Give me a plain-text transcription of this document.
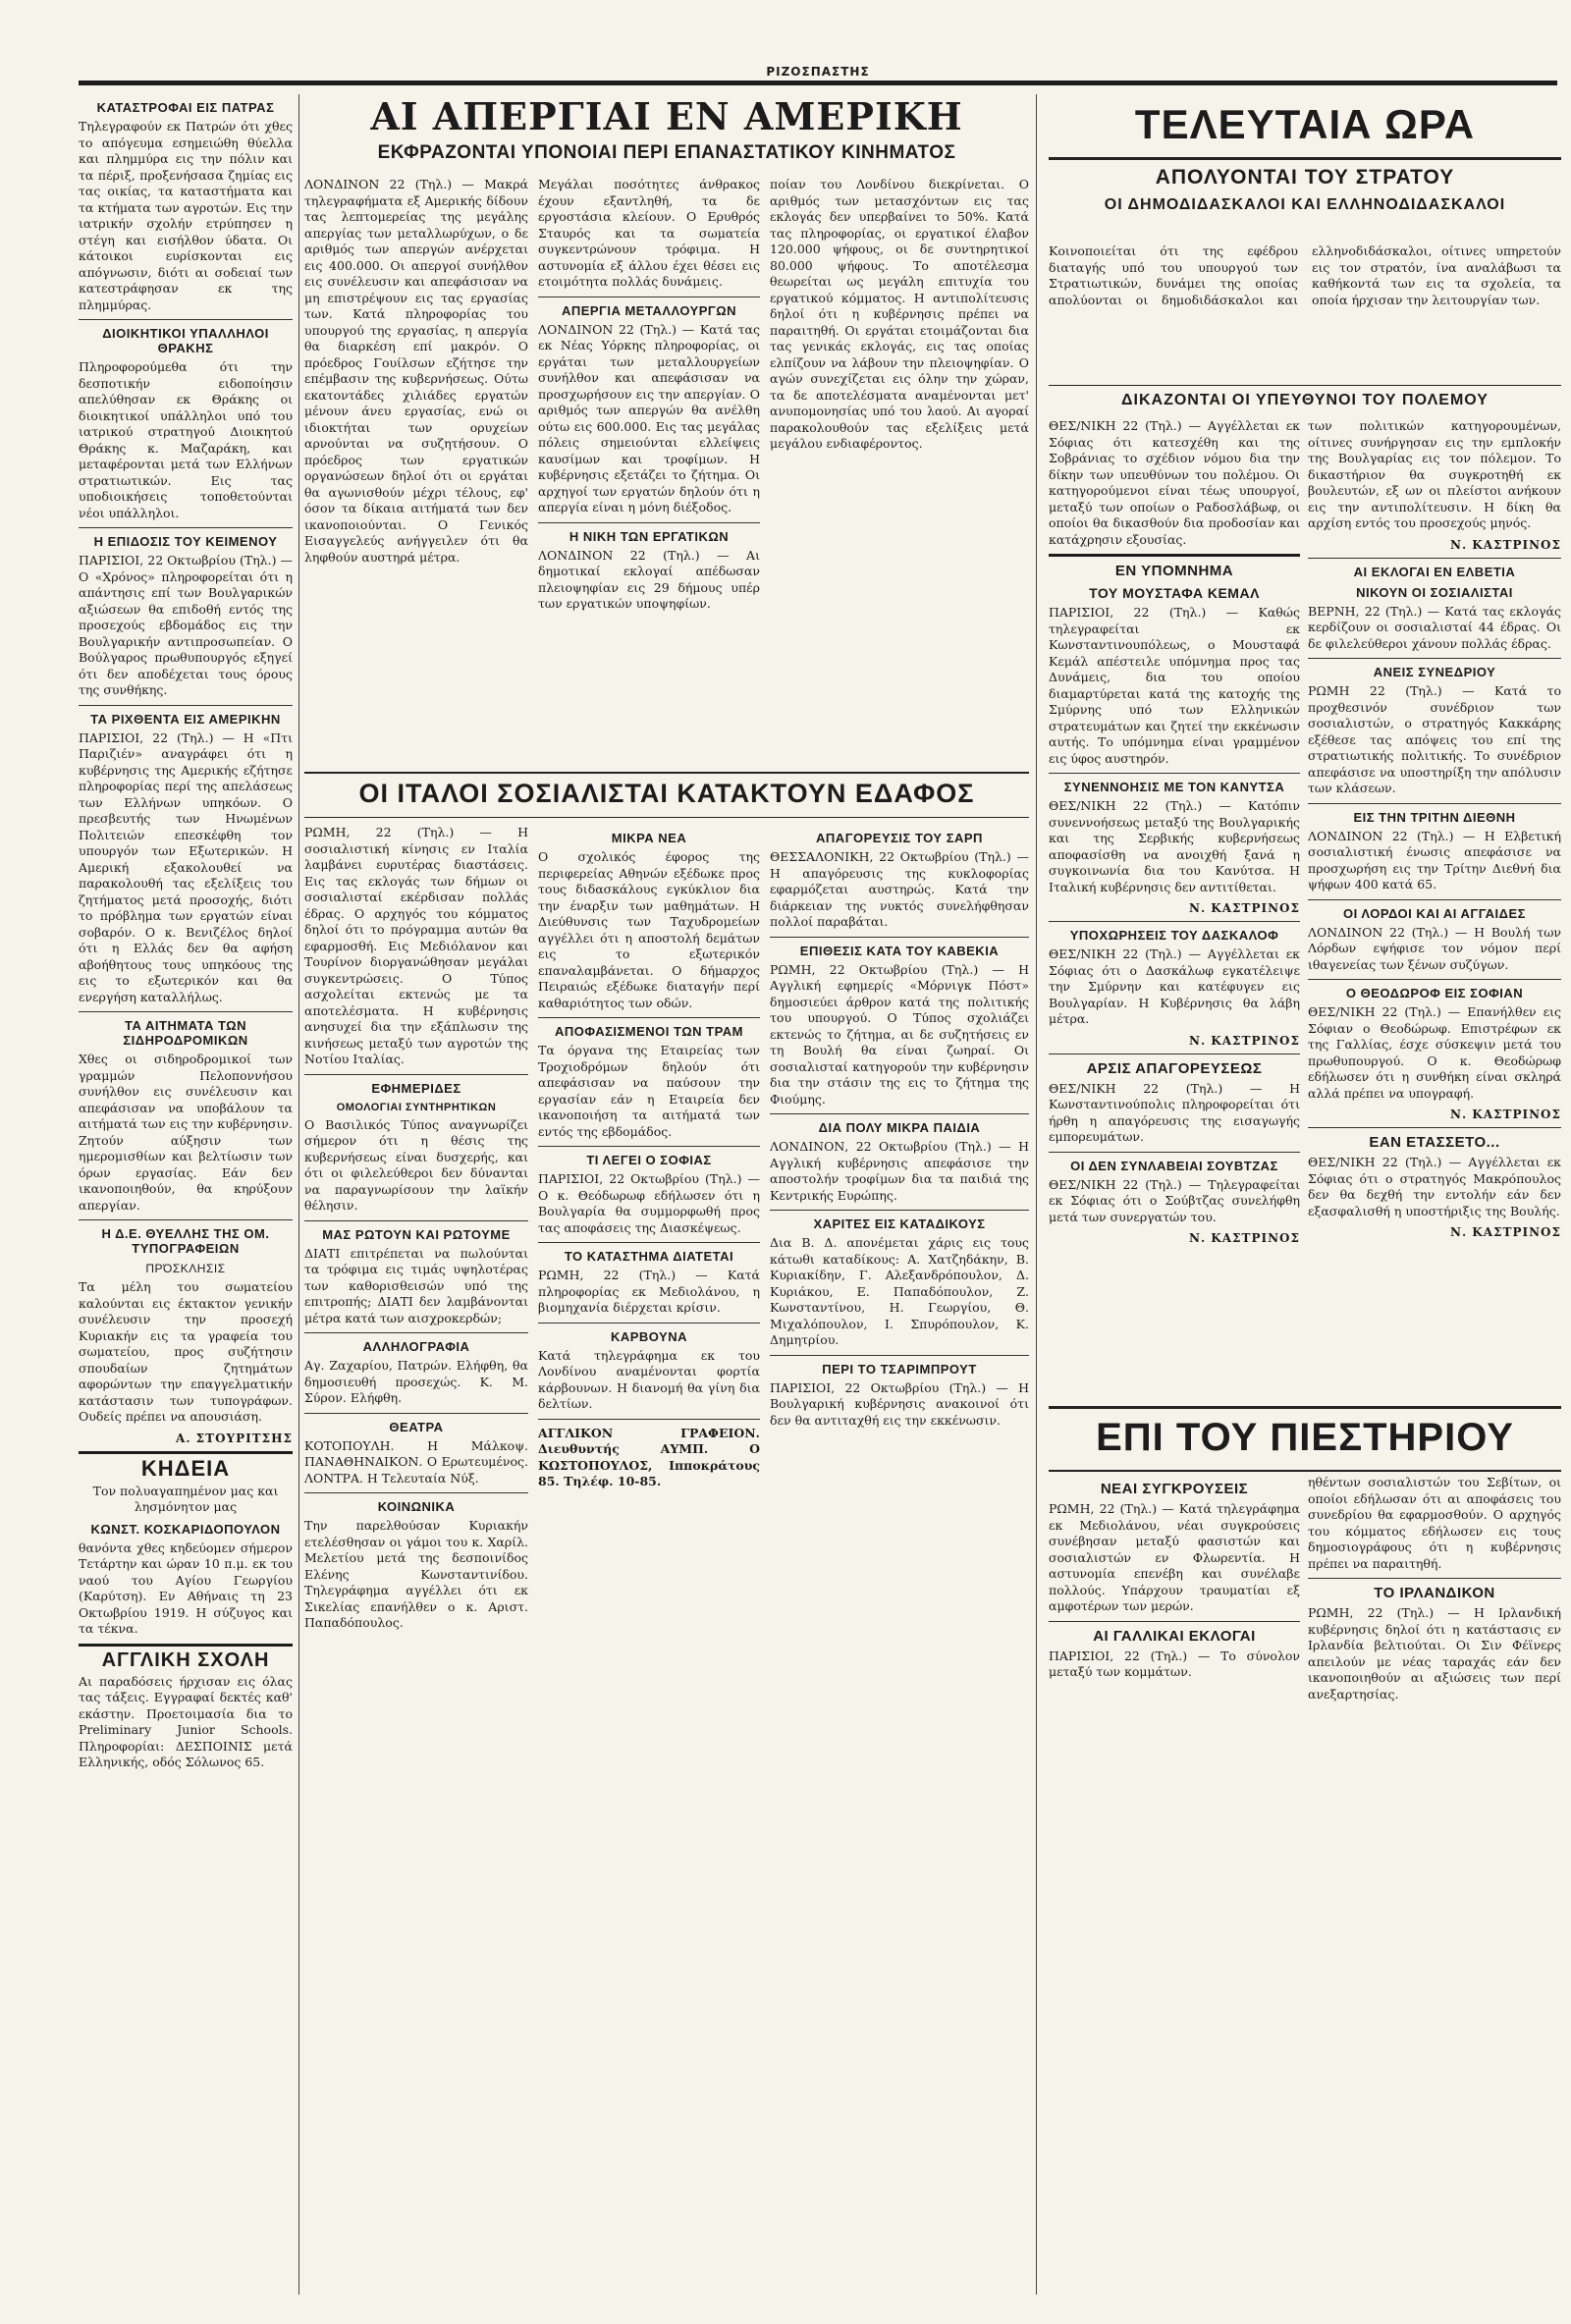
ΡΙΖΟΣΠΑΣΤΗΣ
ΚΑΤΑΣΤΡΟΦΑΙ ΕΙΣ ΠΑΤΡΑΣ

Τηλεγραφούν εκ Πατρών ότι χθες το απόγευμα εσημειώθη θύελλα και πλημμύρα εις την πόλιν και τα πέριξ, προξενήσασα ζημίας εις τας οικίας, τα καταστήματα και τα κτήματα των αγροτών. Εις την ιατρικήν σχολήν ετρύπησεν η στέγη και εισήλθον ύδατα. Οι κάτοικοι ευρίσκονται εις απόγνωσιν, διότι αι σοδειαί των κατεστράφησαν εκ της πλημμύρας.

ΔΙΟΙΚΗΤΙΚΟΙ ΥΠΑΛΛΗΛΟΙ ΘΡΑΚΗΣ

Πληροφορούμεθα ότι την δεσποτικήν ειδοποίησιν απελύθησαν εκ Θράκης οι διοικητικοί υπάλληλοι υπό του ιατρικού στρατηγού Διοικητού Θράκης κ. Μαζαράκη, και μεταφέρονται μετά των Ελλήνων στρατιωτικών. Εις τας υποδιοικήσεις τοποθετούνται νέοι υπάλληλοι.

Η ΕΠΙΔΟΣΙΣ ΤΟΥ ΚΕΙΜΕΝΟΥ

ΠΑΡΙΣΙΟΙ, 22 Οκτωβρίου (Τηλ.) — Ο «Χρόνος» πληροφορείται ότι η απάντησις επί των Βουλγαρικών αξιώσεων θα επιδοθή εντός της προσεχούς εβδομάδος εις την Βουλγαρικήν αντιπροσωπείαν. Ο Βούλγαρος πρωθυπουργός εξηγεί ότι δεν αποδέχεται τους όρους της συνθήκης.

ΤΑ ΡΙΧΘΕΝΤΑ ΕΙΣ ΑΜΕΡΙΚΗΝ

ΠΑΡΙΣΙΟΙ, 22 (Τηλ.) — Η «Πτι Παριζιέν» αναγράφει ότι η κυβέρνησις της Αμερικής εζήτησε πληροφορίας περί της απελάσεως των Ελλήνων υπηκόων. Ο πρεσβευτής των Ηνωμένων Πολιτειών επεσκέφθη τον υπουργόν των Εξωτερικών. Η Αμερική εξακολουθεί να παρακολουθή τας εξελίξεις του ζητήματος μετά προσοχής, διότι το πρόβλημα των εργατών είναι σοβαρόν. Ο κ. Βενιζέλος δηλοί ότι η Ελλάς δεν θα αφήση αβοήθητους τους υπηκόους της εις το εξωτερικόν και θα ενεργήση καταλλήλως.

ΤΑ ΑΙΤΗΜΑΤΑ ΤΩΝ ΣΙΔΗΡΟΔΡΟΜΙΚΩΝ

Χθες οι σιδηροδρομικοί των γραμμών Πελοποννήσου συνήλθον εις συνέλευσιν και απεφάσισαν να υποβάλουν τα αιτήματά των εις την κυβέρνησιν. Ζητούν αύξησιν των ημερομισθίων και βελτίωσιν των όρων εργασίας. Εάν δεν ικανοποιηθούν, θα κηρύξουν απεργίαν.

Η Δ.Ε. ΘΥΕΛΛΗΣ ΤΗΣ ΟΜ. ΤΥΠΟΓΡΑΦΕΙΩΝ
ΠΡΌΣΚΛΗΣΙΣ

Τα μέλη του σωματείου καλούνται εις έκτακτον γενικήν συνέλευσιν την προσεχή Κυριακήν εις τα γραφεία του σωματείου, προς συζήτησιν σπουδαίων ζητημάτων αφορώντων την επαγγελματικήν κατάστασιν των τυπογράφων. Ουδείς πρέπει να απουσιάση.

Α. ΣΤΟΥΡΙΤΣΗΣ
ΚΗΔΕΙΑ

Τον πολυαγαπημένον μας και λησμόνητον μας

ΚΩΝΣΤ. ΚΟΣΚΑΡΙΔΟΠΟΥΛΟΝ

θανόντα χθες κηδεύομεν σήμερον Τετάρτην και ώραν 10 π.μ. εκ του ναού του Αγίου Γεωργίου (Καρύτση). Εν Αθήναις τη 23 Οκτωβρίου 1919. Η σύζυγος και τα τέκνα.

ΑΓΓΛΙΚΗ ΣΧΟΛΗ

Αι παραδόσεις ήρχισαν εις όλας τας τάξεις. Εγγραφαί δεκτές καθ' εκάστην. Προετοιμασία δια το Preliminary Junior Schools. Πληροφορίαι: ΔΕΣΠΟΙΝΙΣ μετά Ελληνικής, οδός Σόλωνος 65.

ΑΙ ΑΠΕΡΓΙΑΙ ΕΝ ΑΜΕΡΙΚΗ
ΕΚΦΡΑΖΟΝΤΑΙ ΥΠΟΝΟΙΑΙ ΠΕΡΙ ΕΠΑΝΑΣΤΑΤΙΚΟΥ ΚΙΝΗΜΑΤΟΣ

ΛΟΝΔΙΝΟΝ 22 (Τηλ.) — Μακρά τηλεγραφήματα εξ Αμερικής δίδουν τας λεπτομερείας της μεγάλης απεργίας των μεταλλωρύχων, ο δε αριθμός των απεργών ανέρχεται εις 400.000. Οι απεργοί συνήλθον εις συνέλευσιν και απεφάσισαν να μη επιστρέψουν εις τας εργασίας των. Κατά πληροφορίας του υπουργού της εργασίας, η απεργία θα διαρκέση επί μακρόν. Ο πρόεδρος Γουίλσων εζήτησε την επέμβασιν της κυβερνήσεως. Ούτω εκατοντάδες χιλιάδες εργατών μένουν άνευ εργασίας, ενώ οι ιδιοκτήται των ορυχείων αρνούνται να συζητήσουν. Ο πρόεδρος των εργατικών οργανώσεων δηλοί ότι οι εργάται θα αγωνισθούν μέχρι τέλους, εφ' όσον τα δίκαια αιτήματά των δεν ικανοποιούνται. Ο Γενικός Εισαγγελεύς ανήγγειλεν ότι θα ληφθούν αυστηρά μέτρα.

Μεγάλαι ποσότητες άνθρακος έχουν εξαντληθή, τα δε εργοστάσια κλείουν. Ο Ερυθρός Σταυρός και τα σωματεία συγκεντρώνουν τρόφιμα. Η αστυνομία εξ άλλου έχει θέσει εις ετοιμότητα πολλάς δυνάμεις.

ΑΠΕΡΓΙΑ ΜΕΤΑΛΛΟΥΡΓΩΝ

ΛΟΝΔΙΝΟΝ 22 (Τηλ.) — Κατά τας εκ Νέας Υόρκης πληροφορίας, οι εργάται των μεταλλουργείων συνήλθον και απεφάσισαν να προσχωρήσουν εις την απεργίαν. Ο αριθμός των απεργών θα ανέλθη ούτω εις 600.000. Εις τας μεγάλας πόλεις σημειούνται ελλείψεις καυσίμων και τροφίμων. Η κυβέρνησις εξετάζει το ζήτημα. Οι αρχηγοί των εργατών δηλούν ότι η απεργία είναι η μόνη διέξοδος.

Η ΝΙΚΗ ΤΩΝ ΕΡΓΑΤΙΚΩΝ

ΛΟΝΔΙΝΟΝ 22 (Τηλ.) — Αι δημοτικαί εκλογαί απέδωσαν πλειοψηφίαν εις 29 δήμους υπέρ των εργατικών υποψηφίων.

ποίαν του Λονδίνου διεκρίνεται. Ο αριθμός των μετασχόντων εις τας εκλογάς δεν υπερβαίνει το 50%. Κατά τας πληροφορίας, οι εργατικοί έλαβον 120.000 ψήφους, οι δε συντηρητικοί 80.000 ψήφους. Το αποτέλεσμα θεωρείται ως μεγάλη επιτυχία του εργατικού κόμματος. Η αντιπολίτευσις δηλοί ότι η κυβέρνησις πρέπει να παραιτηθή. Οι εργάται ετοιμάζονται δια τας γενικάς εκλογάς, εις τας οποίας ελπίζουν να λάβουν την πλειοψηφίαν. Ο αγών συνεχίζεται εις όλην την χώραν, τα δε αποτελέσματα αναμένονται μετ' ανυπομονησίας υπό του λαού. Αι αγοραί παρακολουθούν τας εξελίξεις μετά μεγάλου ενδιαφέροντος.

ΟΙ ΙΤΑΛΟΙ ΣΟΣΙΑΛΙΣΤΑΙ ΚΑΤΑΚΤΟΥΝ ΕΔΑΦΟΣ

ΡΩΜΗ, 22 (Τηλ.) — Η σοσιαλιστική κίνησις εν Ιταλία λαμβάνει ευρυτέρας διαστάσεις. Εις τας εκλογάς των δήμων οι σοσιαλισταί εκέρδισαν πολλάς έδρας. Ο αρχηγός του κόμματος δηλοί ότι το πρόγραμμα αυτών θα εφαρμοσθή. Εις Μεδιόλανον και Τουρίνον διοργανώθησαν μεγάλαι συγκεντρώσεις. Ο Τύπος ασχολείται εκτενώς με τα αποτελέσματα. Η κυβέρνησις ανησυχεί δια την εξάπλωσιν της κινήσεως μεταξύ των αγροτών της Νοτίου Ιταλίας.

ΕΦΗΜΕΡΙΔΕΣ
ΟΜΟΛΟΓΙΑΙ ΣΥΝΤΗΡΗΤΙΚΩΝ

Ο Βασιλικός Τύπος αναγνωρίζει σήμερον ότι η θέσις της κυβερνήσεως είναι δυσχερής, και ότι οι φιλελεύθεροι δεν δύνανται να παραγνωρίσουν την λαϊκήν θέλησιν.

ΜΑΣ ΡΩΤΟΥΝ ΚΑΙ ΡΩΤΟΥΜΕ

ΔΙΑΤΙ επιτρέπεται να πωλούνται τα τρόφιμα εις τιμάς υψηλοτέρας των καθορισθεισών υπό της επιτροπής; ΔΙΑΤΙ δεν λαμβάνονται μέτρα κατά των αισχροκερδών;

ΑΛΛΗΛΟΓΡΑΦΙΑ

Αγ. Ζαχαρίου, Πατρών. Ελήφθη, θα δημοσιευθή προσεχώς. Κ. Μ. Σύρον. Ελήφθη.

ΘΕΑΤΡΑ

ΚΟΤΟΠΟΥΛΗ. Η Μάλκοψ. ΠΑΝΑΘΗΝΑΙΚΟΝ. Ο Ερωτευμένος. ΛΟΝΤΡΑ. Η Τελευταία Νύξ.

ΚΟΙΝΩΝΙΚΑ

Την παρελθούσαν Κυριακήν ετελέσθησαν οι γάμοι του κ. Χαρίλ. Μελετίου μετά της δεσποινίδος Ελένης Κωνσταντινίδου. Τηλεγράφημα αγγέλλει ότι εκ Σικελίας επανήλθεν ο κ. Αριστ. Παπαδόπουλος.

ΜΙΚΡΑ ΝΕΑ

Ο σχολικός έφορος της περιφερείας Αθηνών εξέδωκε προς τους διδασκάλους εγκύκλιον δια την έναρξιν των μαθημάτων. Η Διεύθυνσις των Ταχυδρομείων αγγέλλει ότι η αποστολή δεμάτων εις το εξωτερικόν επαναλαμβάνεται. Ο δήμαρχος Πειραιώς εξέδωκε διαταγήν περί καθαριότητος των οδών.

ΑΠΟΦΑΣΙΣΜΕΝΟΙ ΤΩΝ ΤΡΑΜ

Τα όργανα της Εταιρείας των Τροχιοδρόμων δηλούν ότι απεφάσισαν να παύσουν την εργασίαν εάν η Εταιρεία δεν ικανοποιήση τα αιτήματά των εντός της εβδομάδος.

ΤΙ ΛΕΓΕΙ Ο ΣΟΦΙΑΣ

ΠΑΡΙΣΙΟΙ, 22 Οκτωβρίου (Τηλ.) — Ο κ. Θεόδωρωφ εδήλωσεν ότι η Βουλγαρία θα συμμορφωθή προς τας αποφάσεις της Διασκέψεως.

ΤΟ ΚΑΤΑΣΤΗΜΑ ΔΙΑΤΕΤΑΙ

ΡΩΜΗ, 22 (Τηλ.) — Κατά πληροφορίας εκ Μεδιολάνου, η βιομηχανία διέρχεται κρίσιν.

ΚΑΡΒΟΥΝΑ

Κατά τηλεγράφημα εκ του Λονδίνου αναμένονται φορτία κάρβουνων. Η διανομή θα γίνη δια δελτίων.

ΑΓΓΛΙΚΟΝ ΓΡΑΦΕΙΟΝ. Διευθυντής ΑΥΜΠ. Ο ΚΩΣΤΟΠΟΥΛΟΣ, Ιπποκράτους 85. Τηλέφ. 10-85.

ΑΠΑΓΟΡΕΥΣΙΣ ΤΟΥ ΣΑΡΠ

ΘΕΣΣΑΛΟΝΙΚΗ, 22 Οκτωβρίου (Τηλ.) — Η απαγόρευσις της κυκλοφορίας εφαρμόζεται αυστηρώς. Κατά την διάρκειαν της νυκτός συνελήφθησαν πολλοί παραβάται.

ΕΠΙΘΕΣΙΣ ΚΑΤΑ ΤΟΥ ΚΑΒΕΚΙΑ

ΡΩΜΗ, 22 Οκτωβρίου (Τηλ.) — Η Αγγλική εφημερίς «Μόρνιγκ Πόστ» δημοσιεύει άρθρον κατά της πολιτικής του υπουργού. Ο Τύπος σχολιάζει εκτενώς το ζήτημα, αι δε συζητήσεις εν τη Βουλή θα είναι ζωηραί. Οι σοσιαλισταί κατηγορούν την κυβέρνησιν δια την στάσιν της εις το ζήτημα της Φιούμης.

ΔΙΑ ΠΟΛΥ ΜΙΚΡΑ ΠΑΙΔΙΑ

ΛΟΝΔΙΝΟΝ, 22 Οκτωβρίου (Τηλ.) — Η Αγγλική κυβέρνησις απεφάσισε την αποστολήν τροφίμων δια τα παιδιά της Κεντρικής Ευρώπης.

ΧΑΡΙΤΕΣ ΕΙΣ ΚΑΤΑΔΙΚΟΥΣ

Δια Β. Δ. απονέμεται χάρις εις τους κάτωθι καταδίκους: Α. Χατζηδάκην, Β. Κυριακίδην, Γ. Αλεξανδρόπουλον, Δ. Κυριάκου, Ε. Παπαδόπουλον, Ζ. Κωνσταντίνου, Η. Γεωργίου, Θ. Μιχαλόπουλον, Ι. Σπυρόπουλον, Κ. Δημητρίου.

ΠΕΡΙ ΤΟ ΤΣΑΡΙΜΠΡΟΥΤ

ΠΑΡΙΣΙΟΙ, 22 Οκτωβρίου (Τηλ.) — Η Βουλγαρική κυβέρνησις ανακοινοί ότι δεν θα αντιταχθή εις την εκκένωσιν.

ΤΕΛΕΥΤΑΙΑ ΩΡΑ
ΑΠΟΛΥΟΝΤΑΙ ΤΟΥ ΣΤΡΑΤΟΥ
ΟΙ ΔΗΜΟΔΙΔΑΣΚΑΛΟΙ ΚΑΙ ΕΛΛΗΝΟΔΙΔΑΣΚΑΛΟΙ

Κοινοποιείται ότι της εφέδρου διαταγής υπό του υπουργού των Στρατιωτικών, δυνάμει της οποίας απολύονται οι δημοδιδάσκαλοι και ελληνοδιδάσκαλοι, οίτινες υπηρετούν εις τον στρατόν, ίνα αναλάβωσι τα καθήκοντά των εις τα σχολεία, τα οποία ήρχισαν την λειτουργίαν των.

ΔΙΚΑΖΟΝΤΑΙ ΟΙ ΥΠΕΥΘΥΝΟΙ ΤΟΥ ΠΟΛΕΜΟΥ

ΘΕΣ/ΝΙΚΗ 22 (Τηλ.) — Αγγέλλεται εκ Σόφιας ότι κατεσχέθη και της Σοβράνιας το σχέδιον νόμου δια την δίκην των υπευθύνων του πολέμου. Οι κατηγορούμενοι είναι τέως υπουργοί, μεταξύ των οποίων ο Ραδοσλάβωφ, οι οποίοι θα δικασθούν δια προδοσίαν και κατάχρησιν εξουσίας.

ΕΝ ΥΠΟΜΝΗΜΑ
ΤΟΥ ΜΟΥΣΤΑΦΑ ΚΕΜΑΛ

ΠΑΡΙΣΙΟΙ, 22 (Τηλ.) — Καθώς τηλεγραφείται εκ Κωνσταντινουπόλεως, ο Μουσταφά Κεμάλ απέστειλε υπόμνημα προς τας Δυνάμεις, δια του οποίου διαμαρτύρεται κατά της κατοχής της Σμύρνης υπό των Ελληνικών στρατευμάτων και ζητεί την εκκένωσιν αυτής. Το υπόμνημα είναι γραμμένον εις ύφος αυστηρόν.

ΣΥΝΕΝΝΟΗΣΙΣ ΜΕ ΤΟΝ ΚΑΝΥΤΣΑ

ΘΕΣ/ΝΙΚΗ 22 (Τηλ.) — Κατόπιν συνεννοήσεως μεταξύ της Βουλγαρικής και της Σερβικής κυβερνήσεως αποφασίσθη να ανοιχθή ξανά η συγκοινωνία δια του Κανύτσα. Η Ιταλική κυβέρνησις δεν αντιτίθεται.

Ν. ΚΑΣΤΡΙΝΟΣ
ΥΠΟΧΩΡΗΣΕΙΣ ΤΟΥ ΔΑΣΚΑΛΟΦ

ΘΕΣ/ΝΙΚΗ 22 (Τηλ.) — Αγγέλλεται εκ Σόφιας ότι ο Δασκάλωφ εγκατέλειψε την Σμύρνην και κατέφυγεν εις Βουλγαρίαν. Η Κυβέρνησις θα λάβη μέτρα.

Ν. ΚΑΣΤΡΙΝΟΣ
ΑΡΣΙΣ ΑΠΑΓΟΡΕΥΣΕΩΣ

ΘΕΣ/ΝΙΚΗ 22 (Τηλ.) — Η Κωνσταντινούπολις πληροφορείται ότι ήρθη η απαγόρευσις της εισαγωγής εμπορευμάτων.

ΟΙ ΔΕΝ ΣΥΝΛΑΒΕΙΑΙ ΣΟΥΒΤΖΑΣ

ΘΕΣ/ΝΙΚΗ 22 (Τηλ.) — Τηλεγραφείται εκ Σόφιας ότι ο Σούβτζας συνελήφθη μετά των συνεργατών του.

Ν. ΚΑΣΤΡΙΝΟΣ

των πολιτικών κατηγορουμένων, οίτινες συνήργησαν εις την εμπλοκήν της Βουλγαρίας εις τον πόλεμον. Το δικαστήριον θα συγκροτηθή εκ βουλευτών, εξ ων οι πλείστοι ανήκουν εις την αντιπολίτευσιν. Η δίκη θα αρχίση εντός του προσεχούς μηνός.

Ν. ΚΑΣΤΡΙΝΟΣ
ΑΙ ΕΚΛΟΓΑΙ ΕΝ ΕΛΒΕΤΙΑ
ΝΙΚΟΥΝ ΟΙ ΣΟΣΙΑΛΙΣΤΑΙ

ΒΕΡΝΗ, 22 (Τηλ.) — Κατά τας εκλογάς κερδίζουν οι σοσιαλισταί 44 έδρας. Οι δε φιλελεύθεροι χάνουν πολλάς έδρας.

ΑΝΕΙΣ ΣΥΝΕΔΡΙΟΥ

ΡΩΜΗ 22 (Τηλ.) — Κατά το προχθεσινόν συνέδριον των σοσιαλιστών, ο στρατηγός Κακκάρης εξέθεσε τας απόψεις του επί της στρατιωτικής πολιτικής. Το συνέδριον απεφάσισε να υποστηρίξη την απόλυσιν των κλάσεων.

ΕΙΣ ΤΗΝ ΤΡΙΤΗΝ ΔΙΕΘΝΗ

ΛΟΝΔΙΝΟΝ 22 (Τηλ.) — Η Ελβετική σοσιαλιστική ένωσις απεφάσισε να προσχωρήση εις την Τρίτην Διεθνή δια ψήφων 400 κατά 65.

ΟΙ ΛΟΡΔΟΙ ΚΑΙ ΑΙ ΑΓΓΑΙΔΕΣ

ΛΟΝΔΙΝΟΝ 22 (Τηλ.) — Η Βουλή των Λόρδων εψήφισε τον νόμον περί ιθαγενείας των ξένων συζύγων.

Ο ΘΕΟΔΩΡΟΦ ΕΙΣ ΣΟΦΙΑΝ

ΘΕΣ/ΝΙΚΗ 22 (Τηλ.) — Επανήλθεν εις Σόφιαν ο Θεοδώρωφ. Επιστρέφων εκ της Γαλλίας, έσχε σύσκεψιν μετά του πρωθυπουργού. Ο κ. Θεοδώρωφ εδήλωσεν ότι η συνθήκη είναι σκληρά αλλά πρέπει να υπογραφή.

Ν. ΚΑΣΤΡΙΝΟΣ
ΕΑΝ ΕΤΑΣΣΕΤΟ...

ΘΕΣ/ΝΙΚΗ 22 (Τηλ.) — Αγγέλλεται εκ Σόφιας ότι ο στρατηγός Μακρόπουλος δεν θα δεχθή την εντολήν εάν δεν εξασφαλισθή η υποστήριξις της Βουλής.

Ν. ΚΑΣΤΡΙΝΟΣ
ΕΠΙ ΤΟΥ ΠΙΕΣΤΗΡΙΟΥ
ΝΕΑΙ ΣΥΓΚΡΟΥΣΕΙΣ

ΡΩΜΗ, 22 (Τηλ.) — Κατά τηλεγράφημα εκ Μεδιολάνου, νέαι συγκρούσεις συνέβησαν μεταξύ φασιστών και σοσιαλιστών εν Φλωρεντία. Η αστυνομία επενέβη και συνέλαβε πολλούς. Υπάρχουν τραυματίαι εξ αμφοτέρων των μερών.

ΑΙ ΓΑΛΛΙΚΑΙ ΕΚΛΟΓΑΙ

ΠΑΡΙΣΙΟΙ, 22 (Τηλ.) — Το σύνολον μεταξύ των κομμάτων.

ηθέντων σοσιαλιστών του Σεβίτων, οι οποίοι εδήλωσαν ότι αι αποφάσεις του συνεδρίου θα εφαρμοσθούν. Ο αρχηγός του κόμματος εδήλωσεν εις τους δημοσιογράφους ότι η κυβέρνησις πρέπει να παραιτηθή.

ΤΟ ΙΡΛΑΝΔΙΚΟΝ

ΡΩΜΗ, 22 (Τηλ.) — Η Ιρλανδική κυβέρνησις δηλοί ότι η κατάστασις εν Ιρλανδία βελτιούται. Οι Σιν Φέϊνερς απειλούν με νέας ταραχάς εάν δεν ικανοποιηθούν αι αξιώσεις των περί ανεξαρτησίας.
